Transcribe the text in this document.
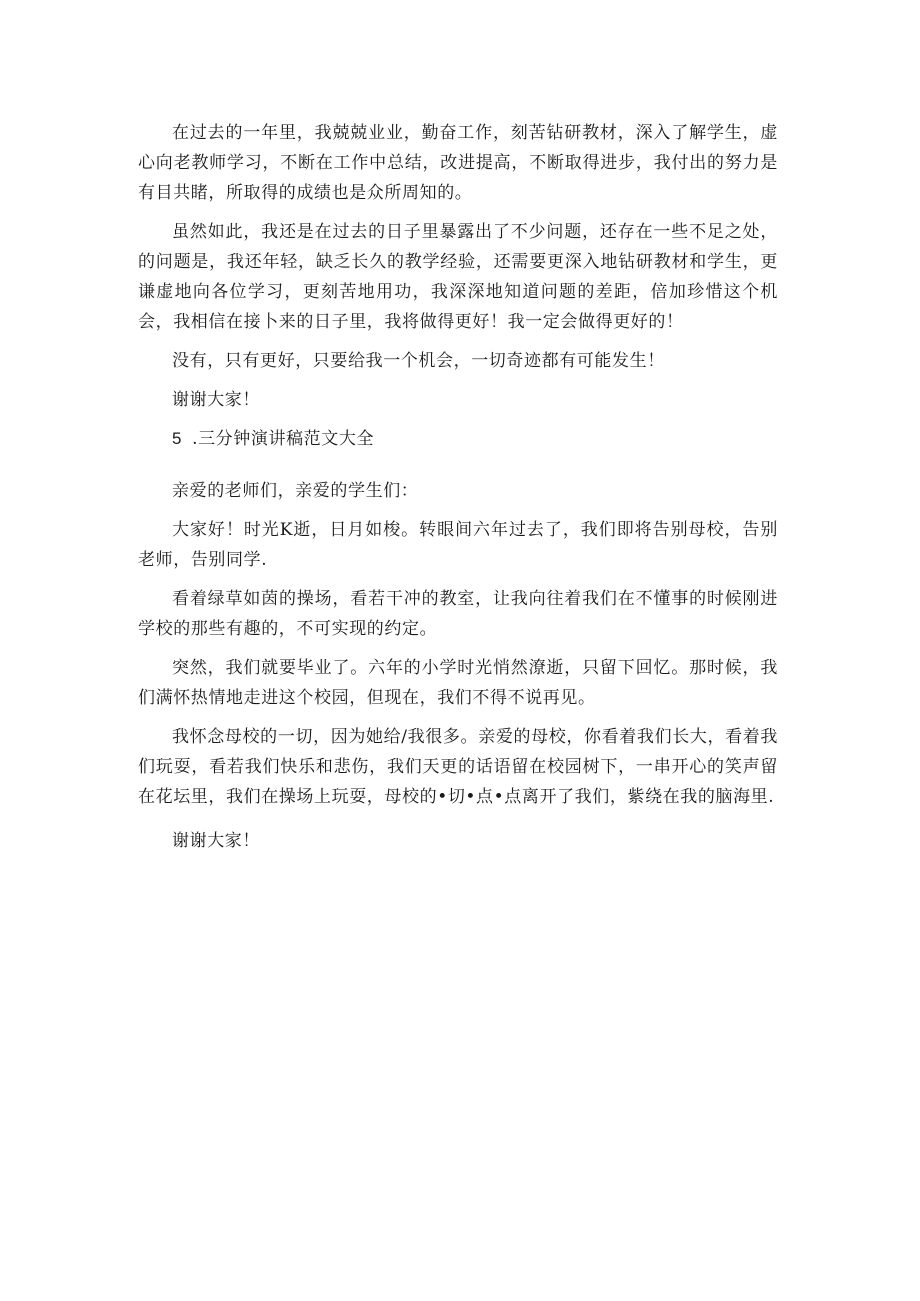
在过去的一年里，我兢兢业业，勤奋工作，刻苦钻研教材，深入了解学生，虚心向老教师学习，不断在工作中总结，改进提高，不断取得进步，我付出的努力是有目共睹，所取得的成绩也是众所周知的。

虽然如此，我还是在过去的日子里暴露出了不少问题，还存在一些不足之处，的问题是，我还年轻，缺乏长久的教学经验，还需要更深入地钻研教材和学生，更谦虚地向各位学习，更刻苦地用功，我深深地知道问题的差距，倍加珍惜这个机会，我相信在接卜来的日子里，我将做得更好！我一定会做得更好的！

没有，只有更好，只要给我一个机会，一切奇迹都有可能发生！

谢谢大家！

5 .三分钟演讲稿范文大全

亲爱的老师们，亲爱的学生们：

大家好！时光K逝，日月如梭。转眼间六年过去了，我们即将告别母校，告别老师，告别同学.

看着绿草如茵的操场，看若干冲的教室，让我向往着我们在不懂事的时候刚进学校的那些有趣的，不可实现的约定。

突然，我们就要毕业了。六年的小学时光悄然潦逝，只留下回忆。那时候，我们满怀热情地走进这个校园，但现在，我们不得不说再见。

我怀念母校的一切，因为她给/我很多。亲爱的母校，你看着我们长大，看着我们玩耍，看若我们快乐和悲伤，我们天更的话语留在校园树下，一串开心的笑声留在花坛里，我们在操场上玩耍，母校的•切•点•点离开了我们，紫绕在我的脑海里.

谢谢大家！
